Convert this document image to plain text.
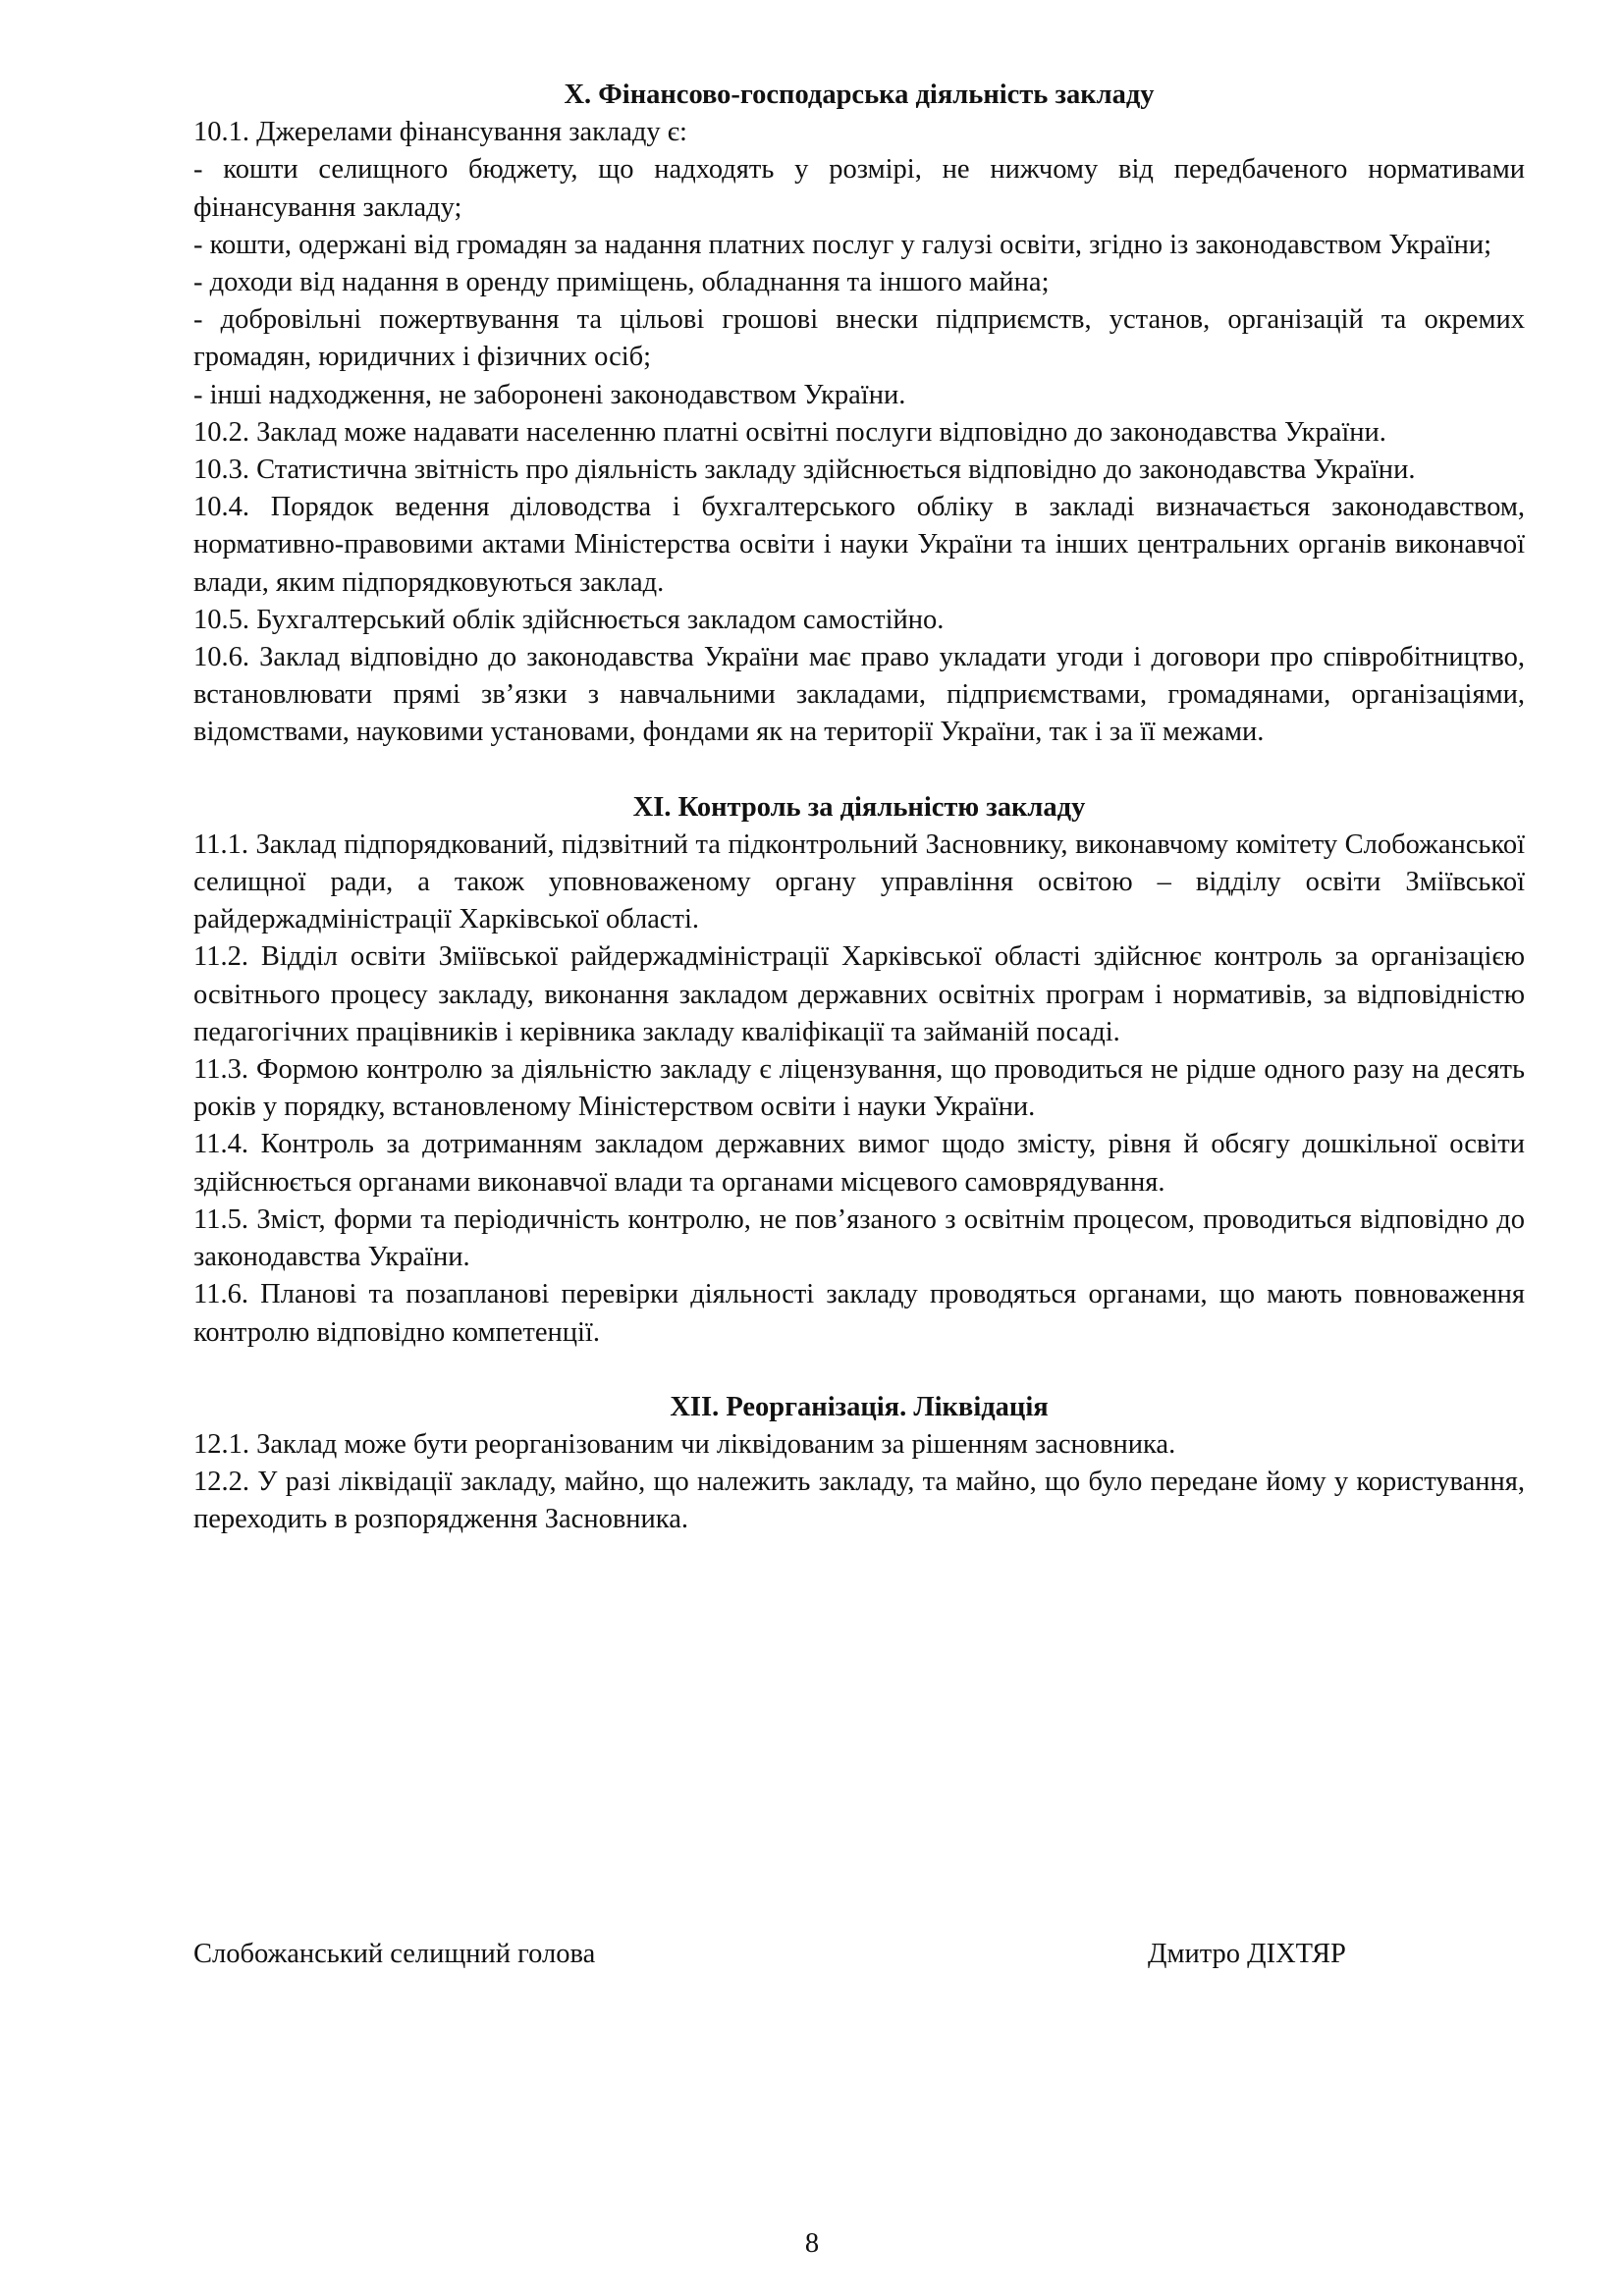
X. Фінансово-господарська діяльність закладу

10.1. Джерелами фінансування закладу є:

- кошти селищного бюджету, що надходять у розмірі, не нижчому від передбаченого нормативами фінансування закладу;

- кошти, одержані від громадян за надання платних послуг у галузі освіти, згідно із законодавством України;

- доходи від надання в оренду приміщень, обладнання та іншого майна;

- добровільні пожертвування та цільові грошові внески підприємств, установ, організацій та окремих громадян, юридичних і фізичних осіб;

- інші надходження, не заборонені законодавством України.

10.2. Заклад може надавати населенню платні освітні послуги відповідно до законодавства України.

10.3. Статистична звітність про діяльність закладу здійснюється відповідно до законодавства України.

10.4. Порядок ведення діловодства і бухгалтерського обліку в закладі визначається законодавством, нормативно-правовими актами Міністерства освіти і науки України та інших центральних органів виконавчої влади, яким підпорядковуються заклад.

10.5. Бухгалтерський облік здійснюється закладом самостійно.

10.6. Заклад відповідно до законодавства України має право укладати угоди і договори про співробітництво, встановлювати прямі зв’язки з навчальними закладами, підприємствами, громадянами, організаціями, відомствами, науковими установами, фондами як на території України, так і за її межами.

XI. Контроль за діяльністю закладу

11.1. Заклад підпорядкований, підзвітний та підконтрольний Засновнику, виконавчому комітету Слобожанської селищної ради, а також уповноваженому органу управління освітою – відділу освіти Зміївської райдержадміністрації Харківської області.

11.2. Відділ освіти Зміївської райдержадміністрації Харківської області здійснює контроль за організацією освітнього процесу закладу, виконання закладом державних освітніх програм і нормативів, за відповідністю педагогічних працівників і керівника закладу кваліфікації та займаній посаді.

11.3. Формою контролю за діяльністю закладу є ліцензування, що проводиться не рідше одного разу на десять років у порядку, встановленому Міністерством освіти і науки України.

11.4. Контроль за дотриманням закладом державних вимог щодо змісту, рівня й обсягу дошкільної освіти здійснюється органами виконавчої влади та органами місцевого самоврядування.

11.5. Зміст, форми та періодичність контролю, не пов’язаного з освітнім процесом, проводиться відповідно до законодавства України.

11.6. Планові та позапланові перевірки діяльності закладу проводяться органами, що мають повноваження контролю відповідно компетенції.

XII. Реорганізація. Ліквідація

12.1. Заклад може бути реорганізованим чи ліквідованим за рішенням засновника.

12.2. У разі ліквідації закладу, майно, що належить закладу, та майно, що було передане йому у користування, переходить в розпорядження Засновника.

Слобожанський селищний голова	Дмитро ДІХТЯР
8
